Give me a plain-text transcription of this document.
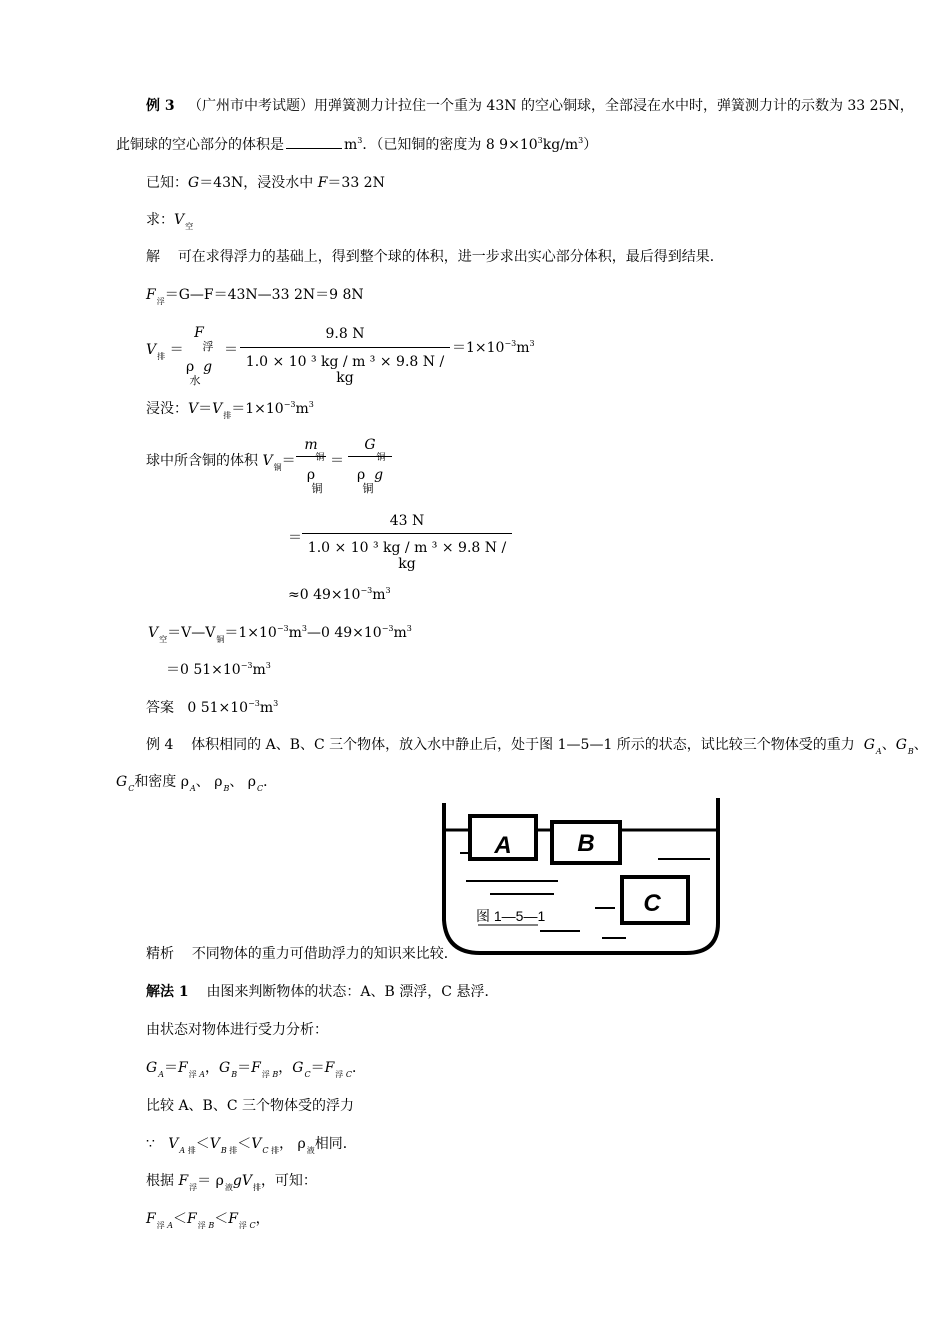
例 3 （广州市中考试题）用弹簧测力计拉住一个重为 43N 的空心铜球，全部浸在水中时，弹簧测力计的示数为 33 25N，
此铜球的空心部分的体积是	$m^3$．（已知铜的密度为 8 $9\times 10^3kg/m^3$）
已知：G＝43N，浸没水中 F＝33 2N
求：$V_空$
解 可在求得浮力的基础上，得到整个球的体积，进一步求出实心部分体积，最后得到结果．
$F_浮=G—F=43N—33$ 2N＝9 8N
$V_排$ ＝
F
浮
ρ g
水
＝
9.8 N
1.0 × 10 ³ kg / m ³ × 9.8 N / kg
$=1\times 10^{-3}m^3$
浸没：$V=V_排=1\times 10^{-3}m^3$
球中所含铜的体积 $V_铜=$
m
铜
ρ
铜
＝
G
铜
ρ  g
铜
＝
43 N
1.0 × 10 ³ kg / m ³ × 9.8 N / kg
≈0 $49\times 10^{-3}m^3$
$V_空=V—V_铜=1\times 10^{-3}m^3—0$ $49\times 10^{-3}m^3$
＝0 $51\times 10^{-3}m^3$
答案 0 $51\times 10^{-3}m^3$
例 4 体积相同的 A、B、C 三个物体，放入水中静止后，处于图 1—5—1 所示的状态，试比较三个物体受的重力 $G_A$、$G_B$、
$G_C$和密度 $\rho_A$、 $\rho_B$、 $\rho_C$．
A	B
C
图 1—5—1
精析 不同物体的重力可借助浮力的知识来比较．
解法 1 由图来判断物体的状态：A、B 漂浮，C 悬浮．
由状态对物体进行受力分析：
$G_A=F_{浮 A}$，$G_B=F_{浮 B}$，$G_C=F_{浮 C}$．
比较 A、B、C 三个物体受的浮力
∵ $V_{A 排}<V_{B 排}<V_{C 排}$， $\rho_液$相同．
根据 $F_浮= \rho_液gV_排$，可知：
$F_{浮 A}<F_{浮 B}<F_{浮 C}$，
